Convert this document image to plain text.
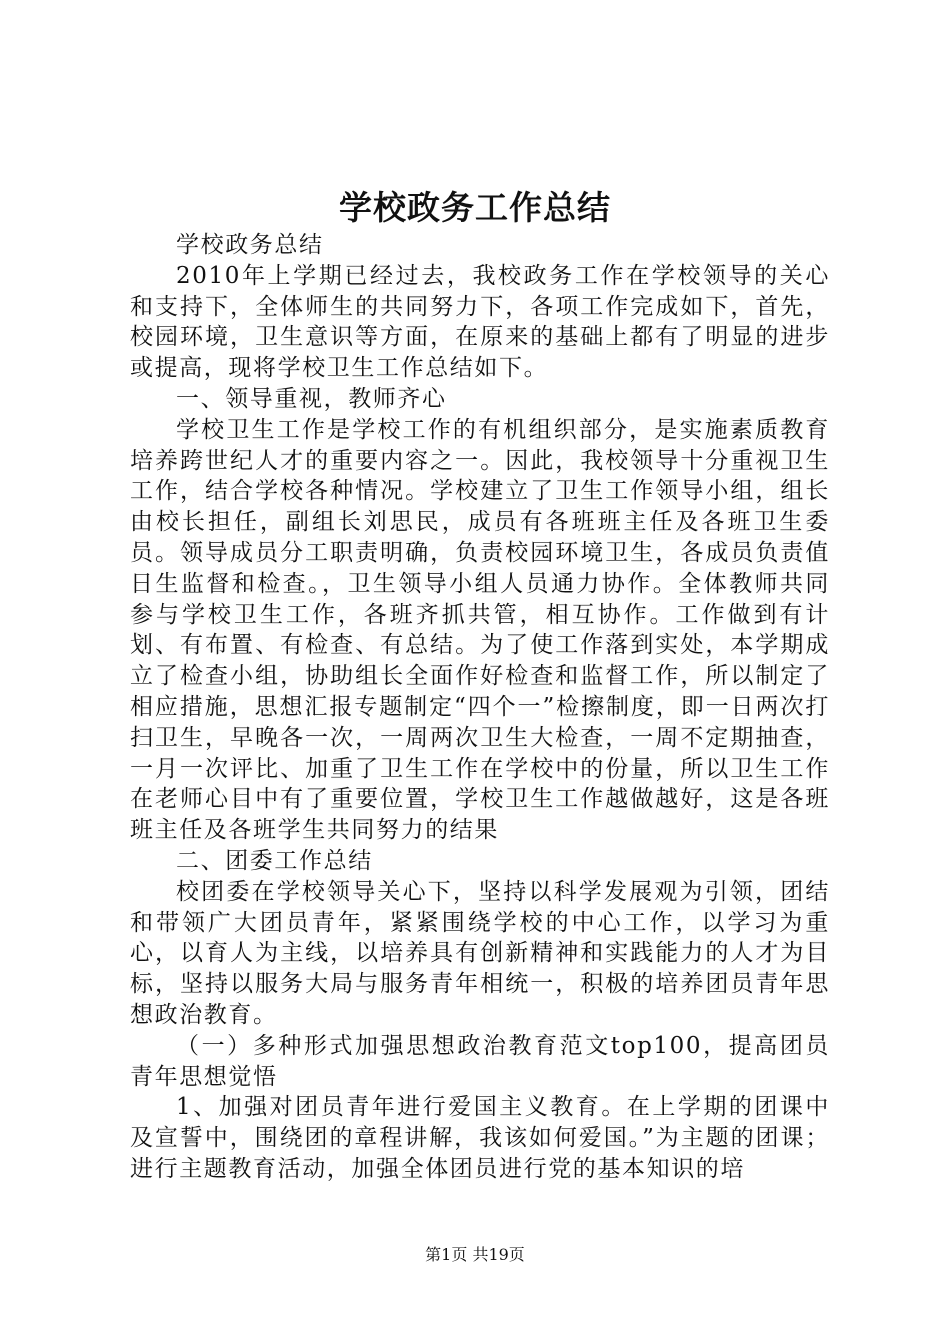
学校政务工作总结

学校政务总结

2010年上学期已经过去，我校政务工作在学校领导的关心和支持下，全体师生的共同努力下，各项工作完成如下，首先，校园环境，卫生意识等方面，在原来的基础上都有了明显的进步或提高，现将学校卫生工作总结如下。

一、领导重视，教师齐心

学校卫生工作是学校工作的有机组织部分，是实施素质教育培养跨世纪人才的重要内容之一。因此，我校领导十分重视卫生工作，结合学校各种情况。学校建立了卫生工作领导小组，组长由校长担任，副组长刘思民，成员有各班班主任及各班卫生委员。领导成员分工职责明确，负责校园环境卫生，各成员负责值日生监督和检查。，卫生领导小组人员通力协作。全体教师共同参与学校卫生工作，各班齐抓共管，相互协作。工作做到有计划、有布置、有检查、有总结。为了使工作落到实处，本学期成立了检查小组，协助组长全面作好检查和监督工作，所以制定了相应措施，思想汇报专题制定“四个一”检擦制度，即一日两次打扫卫生，早晚各一次，一周两次卫生大检查，一周不定期抽查，一月一次评比、加重了卫生工作在学校中的份量，所以卫生工作在老师心目中有了重要位置，学校卫生工作越做越好，这是各班班主任及各班学生共同努力的结果

二、团委工作总结

校团委在学校领导关心下，坚持以科学发展观为引领，团结和带领广大团员青年，紧紧围绕学校的中心工作，以学习为重心，以育人为主线，以培养具有创新精神和实践能力的人才为目标，坚持以服务大局与服务青年相统一，积极的培养团员青年思想政治教育。

（一）多种形式加强思想政治教育范文top100，提高团员青年思想觉悟

1、加强对团员青年进行爱国主义教育。在上学期的团课中及宣誓中，围绕团的章程讲解，我该如何爱国。”为主题的团课；进行主题教育活动，加强全体团员进行党的基本知识的培

第1页 共19页
